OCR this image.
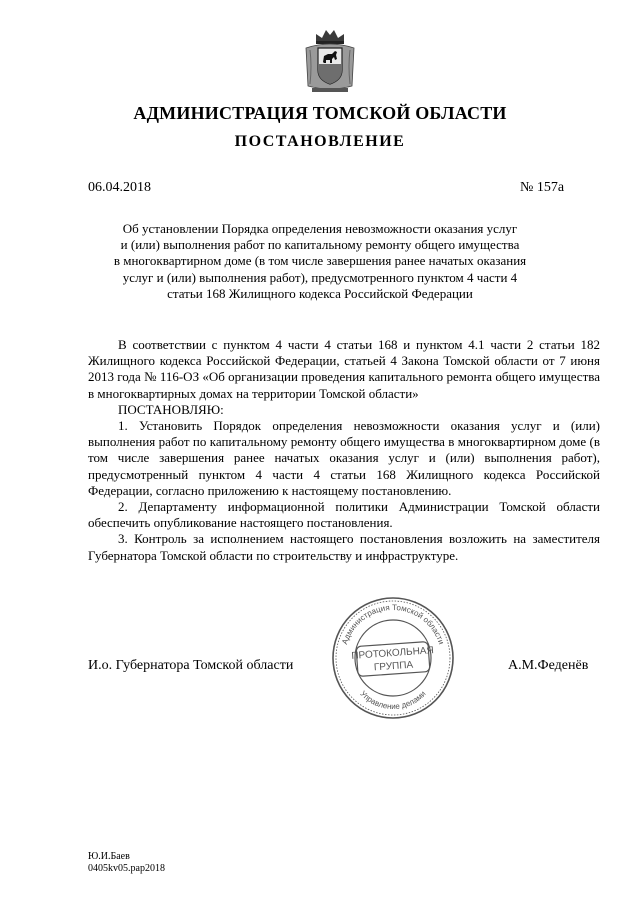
АДМИНИСТРАЦИЯ ТОМСКОЙ ОБЛАСТИ
ПОСТАНОВЛЕНИЕ
06.04.2018	№ 157а
Об установлении Порядка определения невозможности оказания услуг
и (или) выполнения работ по капитальному ремонту общего имущества
в многоквартирном доме (в том числе завершения ранее начатых оказания
услуг и (или) выполнения работ), предусмотренного пунктом 4 части 4
статьи 168 Жилищного кодекса Российской Федерации

В соответствии с пунктом 4 части 4 статьи 168 и пунктом 4.1 части 2 статьи 182 Жилищного кодекса Российской Федерации, статьей 4 Закона Томской области от 7 июня 2013 года № 116-ОЗ «Об организации проведения капитального ремонта общего имущества в многоквартирных домах на территории Томской области»

ПОСТАНОВЛЯЮ:

1. Установить Порядок определения невозможности оказания услуг и (или) выполнения работ по капитальному ремонту общего имущества в многоквартирном доме (в том числе завершения ранее начатых оказания услуг и (или) выполнения работ), предусмотренный пунктом 4 части 4 статьи 168 Жилищного кодекса Российской Федерации, согласно приложению к настоящему постановлению.

2. Департаменту информационной политики Администрации Томской области обеспечить опубликование настоящего постановления.

3. Контроль за исполнением настоящего постановления возложить на заместителя Губернатора Томской области по строительству и инфраструктуре.

И.о. Губернатора Томской области	А.М.Феденёв
Администрация Томской области
Управление делами
ПРОТОКОЛЬНАЯ
ГРУППА
Ю.И.Баев
0405kv05.pap2018
